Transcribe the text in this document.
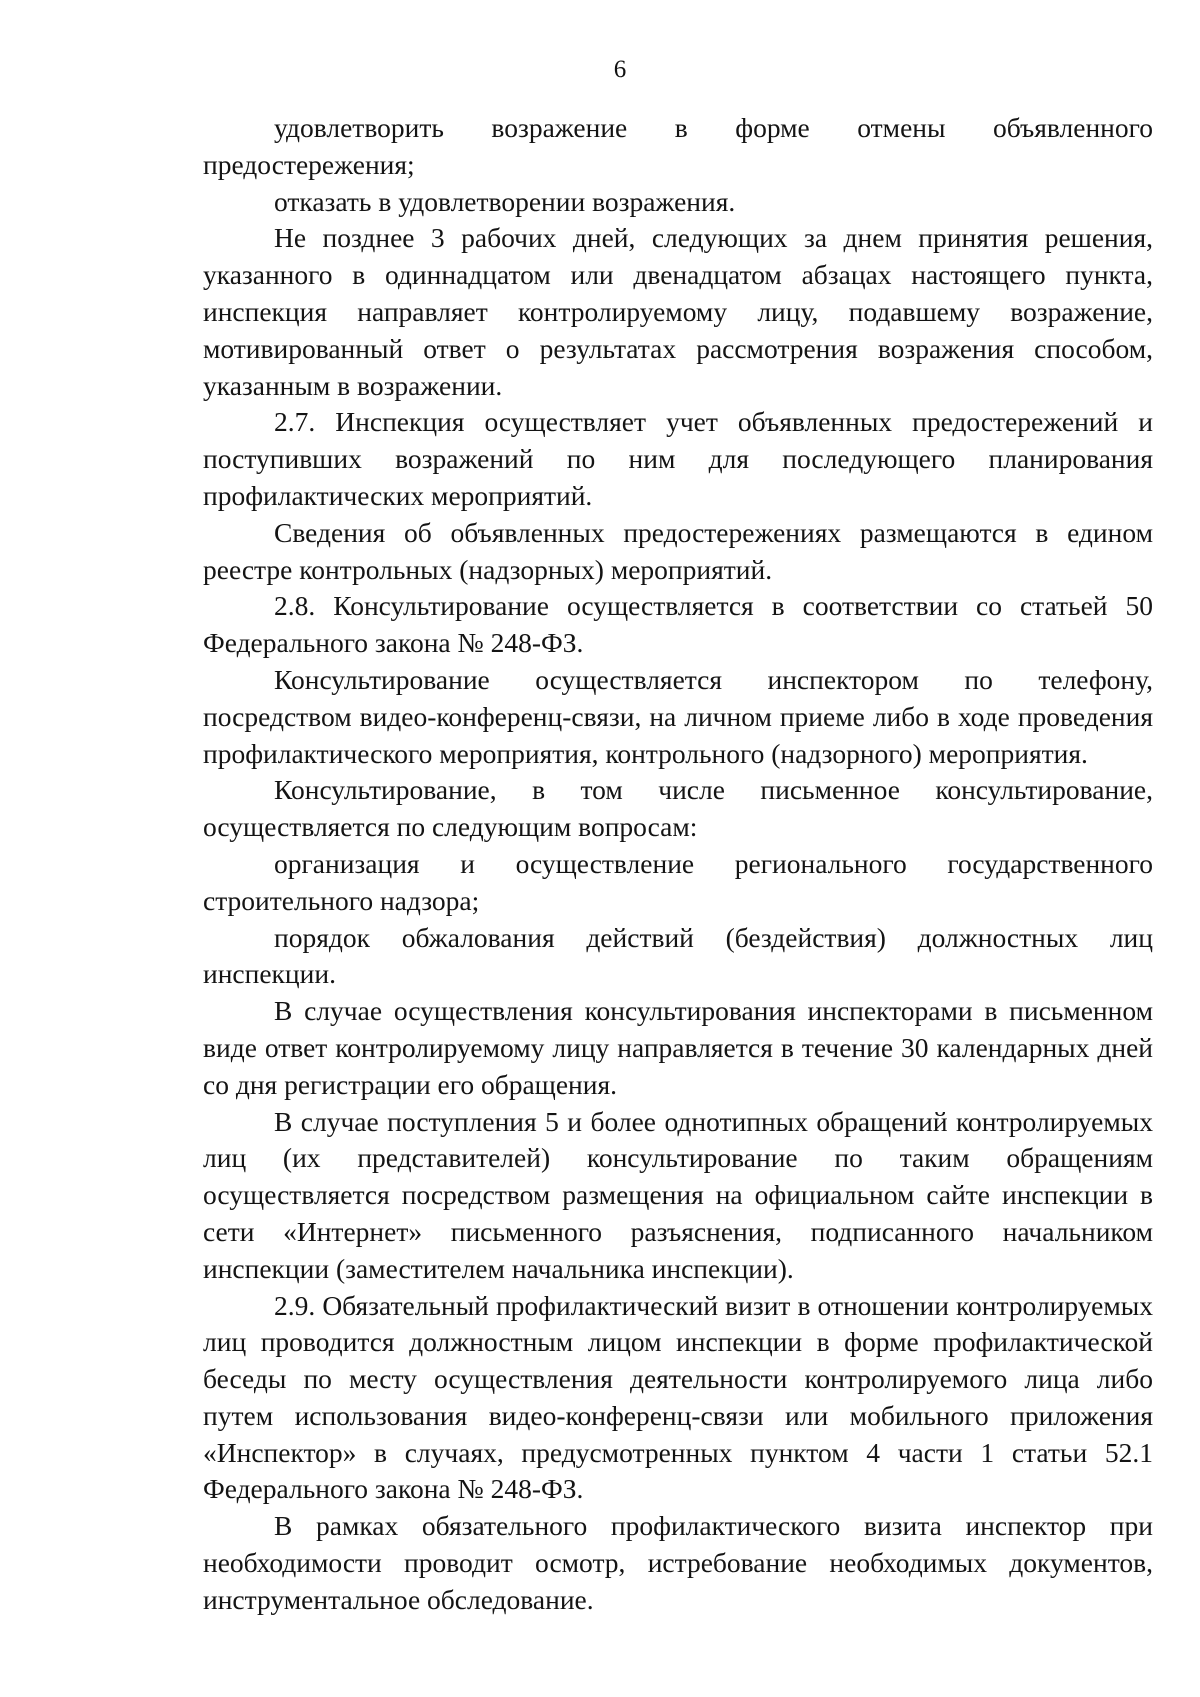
6

удовлетворить возражение в форме отмены объявленного предостережения;

отказать в удовлетворении возражения.

Не позднее 3 рабочих дней, следующих за днем принятия решения, указанного в одиннадцатом или двенадцатом абзацах настоящего пункта, инспекция направляет контролируемому лицу, подавшему возражение, мотивированный ответ о результатах рассмотрения возражения способом, указанным в возражении.

2.7. Инспекция осуществляет учет объявленных предостережений и поступивших возражений по ним для последующего планирования профилактических мероприятий.

Сведения об объявленных предостережениях размещаются в едином реестре контрольных (надзорных) мероприятий.

2.8. Консультирование осуществляется в соответствии со статьей 50 Федерального закона № 248-ФЗ.

Консультирование осуществляется инспектором по телефону, посредством видео-конференц-связи, на личном приеме либо в ходе проведения профилактического мероприятия, контрольного (надзорного) мероприятия.

Консультирование, в том числе письменное консультирование, осуществляется по следующим вопросам:

организация и осуществление регионального государственного строительного надзора;

порядок обжалования действий (бездействия) должностных лиц инспекции.

В случае осуществления консультирования инспекторами в письменном виде ответ контролируемому лицу направляется в течение 30 календарных дней со дня регистрации его обращения.

В случае поступления 5 и более однотипных обращений контролируемых лиц (их представителей) консультирование по таким обращениям осуществляется посредством размещения на официальном сайте инспекции в сети «Интернет» письменного разъяснения, подписанного начальником инспекции (заместителем начальника инспекции).

2.9. Обязательный профилактический визит в отношении контролируемых лиц проводится должностным лицом инспекции в форме профилактической беседы по месту осуществления деятельности контролируемого лица либо путем использования видео-конференц-связи или мобильного приложения «Инспектор» в случаях, предусмотренных пунктом 4 части 1 статьи 52.1 Федерального закона № 248-ФЗ.

В рамках обязательного профилактического визита инспектор при необходимости проводит осмотр, истребование необходимых документов, инструментальное обследование.
